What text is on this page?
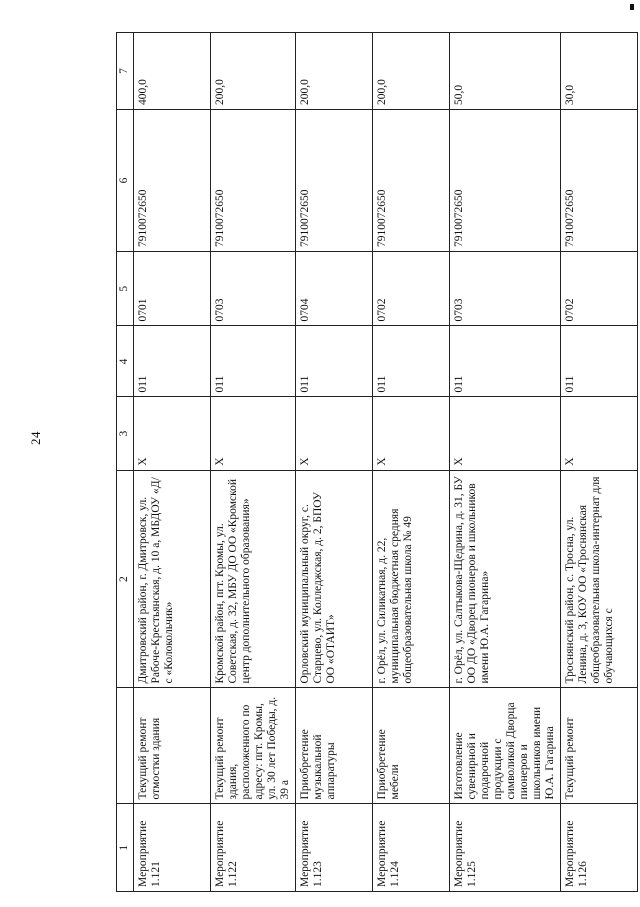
24
1		2	3	4	5	6	7
Мероприятие 1.121	Текущий ремонт отмостки здания	Дмитровский район, г. Дмитровск, ул. Рабоче-Крестьянская, д. 10 а, МБДОУ «Д/с «Колокольчик»	Х	011	0701	7910072650	400,0
Мероприятие 1.122	Текущий ремонт здания, расположенного по адресу: пгт. Кромы, ул. 30 лет Победы, д. 39 а	Кромской район, пгт. Кромы, ул. Советская, д. 32, МБУ ДО ОО «Кромской центр дополнительного образования»	Х	011	0703	7910072650	200,0
Мероприятие 1.123	Приобретение музыкальной аппаратуры	Орловский муниципальный округ, с. Старцево, ул. Колледжская, д. 2, БПОУ ОО «ОТАИТ»	Х	011	0704	7910072650	200,0
Мероприятие 1.124	Приобретение мебели	г. Орёл, ул. Силикатная, д. 22, муниципальная бюджетная средняя общеобразовательная школа № 49	Х	011	0702	7910072650	200,0
Мероприятие 1.125	Изготовление сувенирной и подарочной продукции с символикой Дворца пионеров и школьников имени Ю.А. Гагарина	г. Орёл, ул. Салтыкова-Щедрина, д. 31, БУ ОО ДО «Дворец пионеров и школьников имени Ю.А. Гагарина»	Х	011	0703	7910072650	50,0
Мероприятие 1.126	Текущий ремонт	Троснянский район, с. Тросна, ул. Ленина, д. 3, КОУ ОО «Троснянская общеобразовательная школа-интернат для обучающихся с	Х	011	0702	7910072650	30,0
